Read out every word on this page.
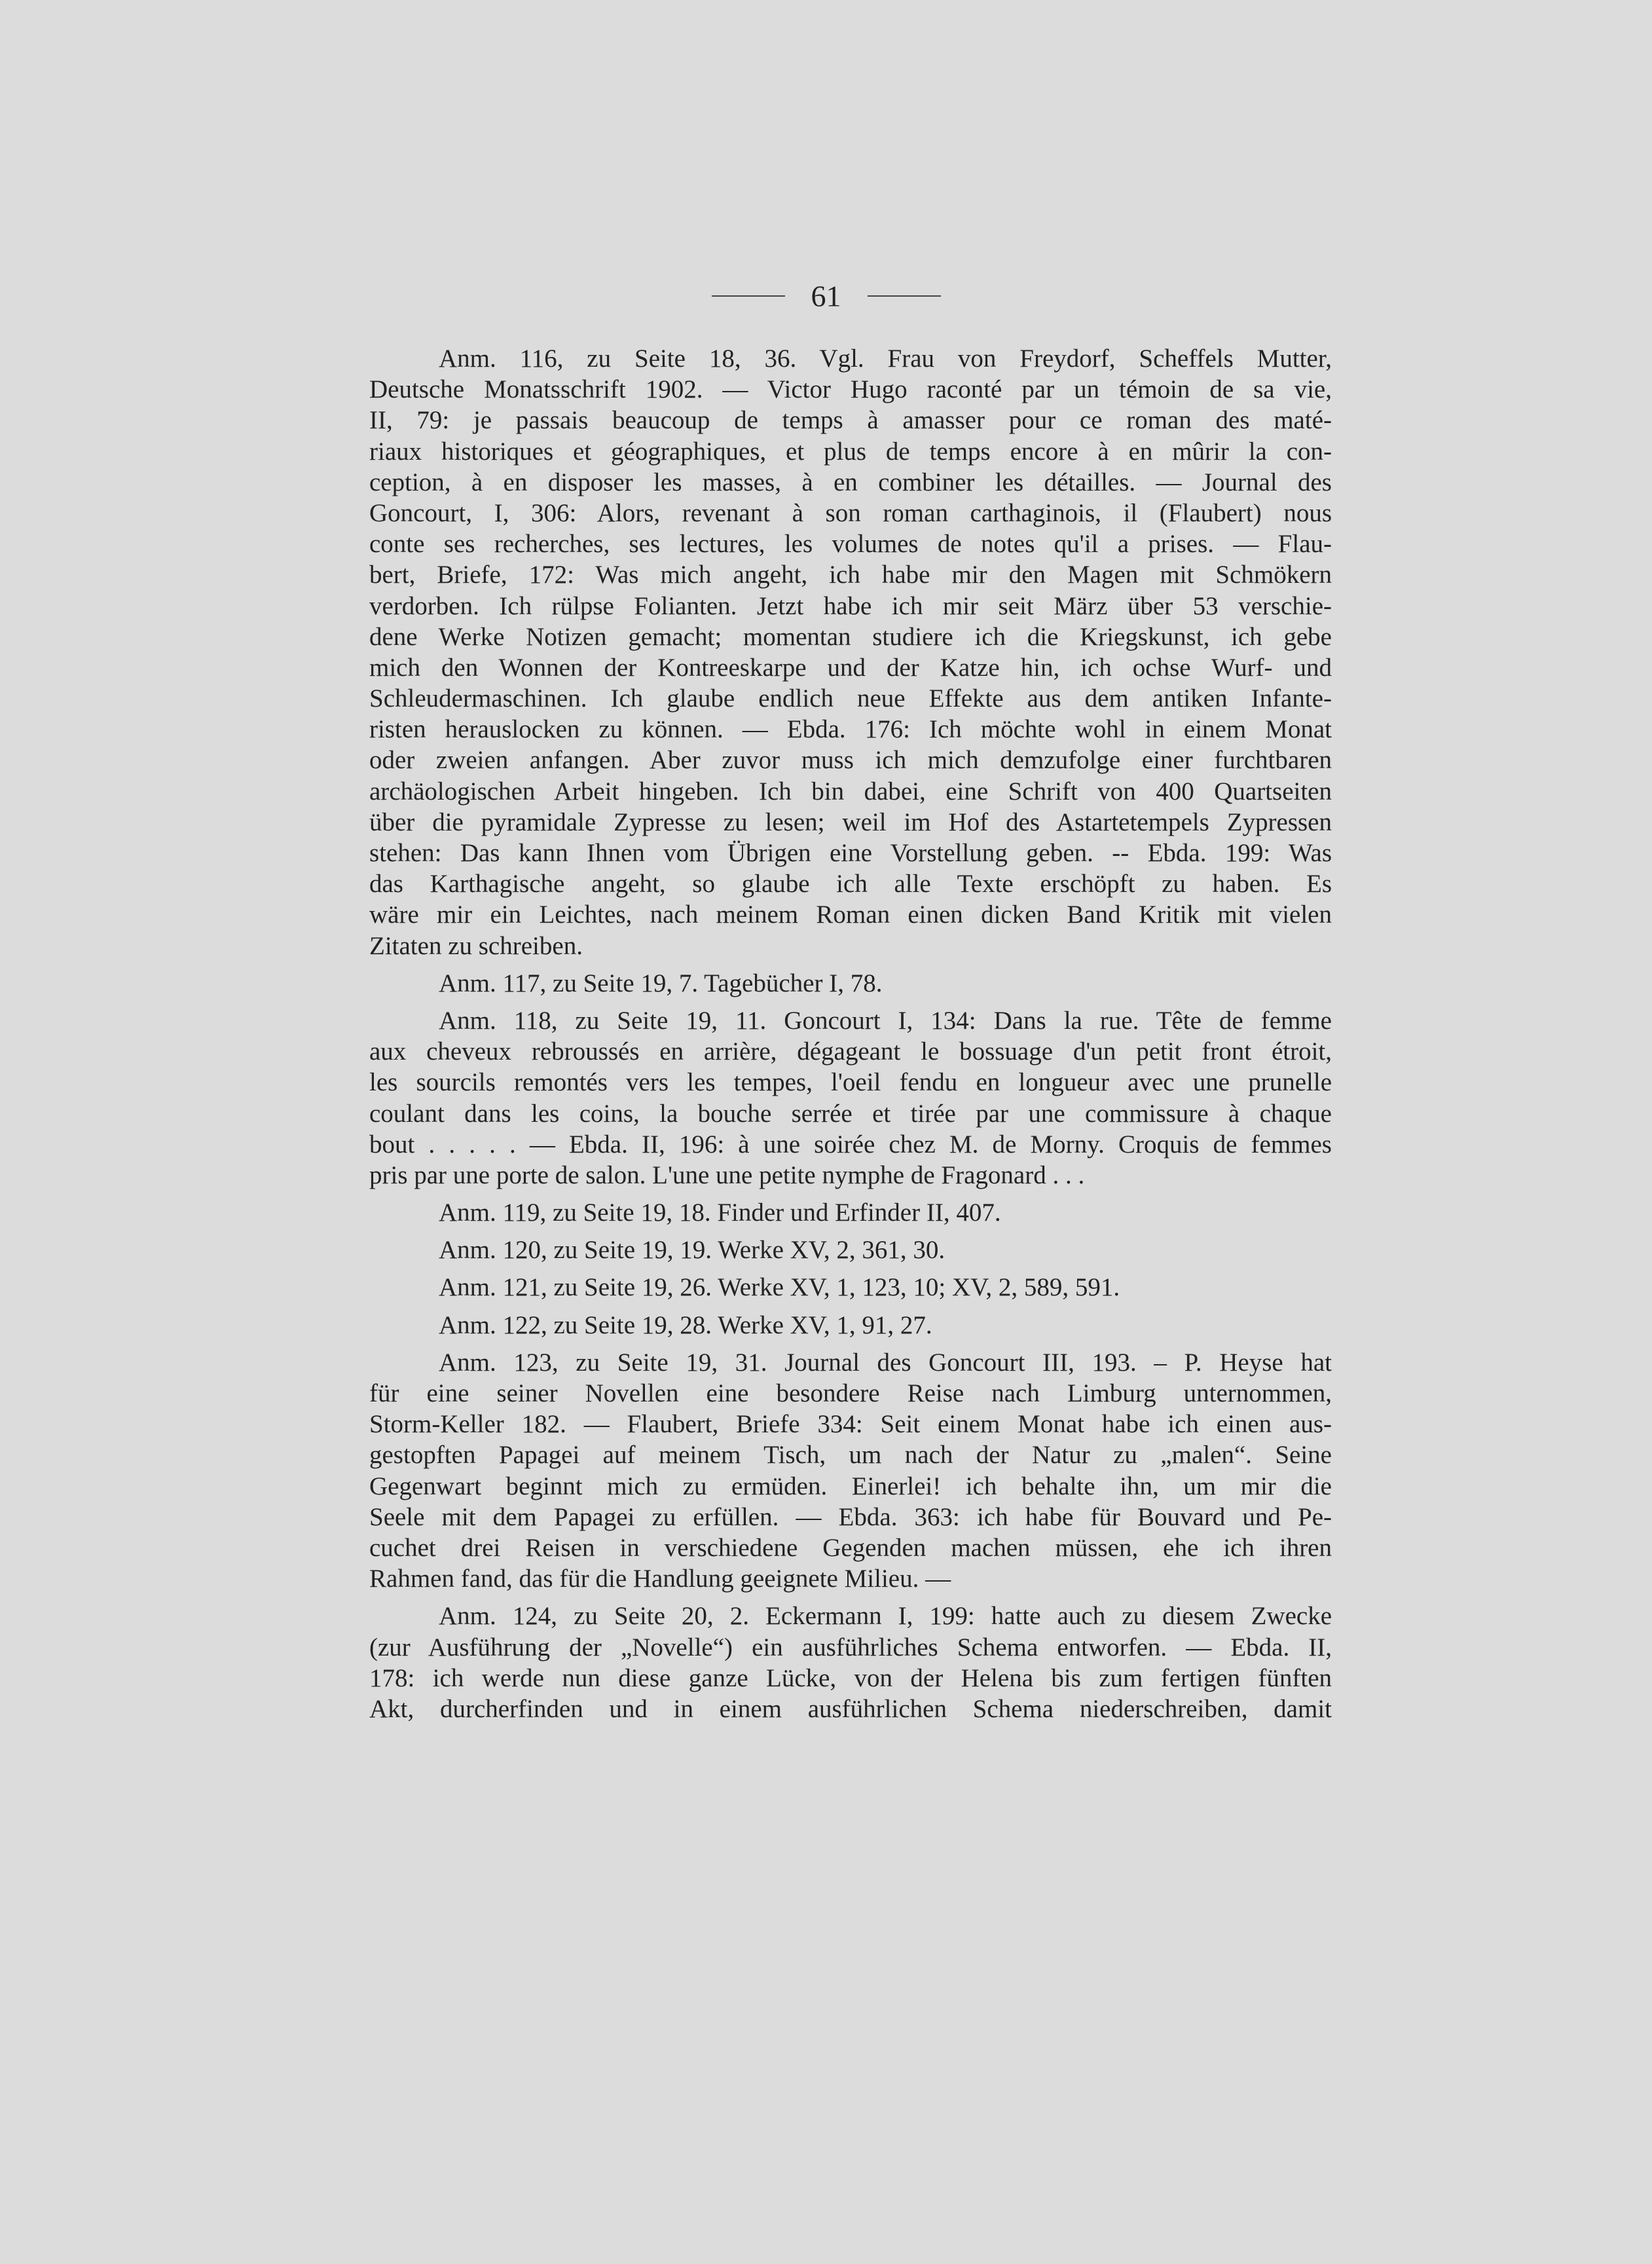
61
Anm. 116, zu Seite 18, 36. Vgl. Frau von Freydorf, Scheffels Mutter,
Deutsche Monatsschrift 1902. — Victor Hugo raconté par un témoin de sa vie,
II, 79: je passais beaucoup de temps à amasser pour ce roman des maté-
riaux historiques et géographiques, et plus de temps encore à en mûrir la con-
ception, à en disposer les masses, à en combiner les détailles. — Journal des
Goncourt, I, 306: Alors, revenant à son roman carthaginois, il (Flaubert) nous
conte ses recherches, ses lectures, les volumes de notes qu'il a prises. — Flau-
bert, Briefe, 172: Was mich angeht, ich habe mir den Magen mit Schmökern
verdorben. Ich rülpse Folianten. Jetzt habe ich mir seit März über 53 verschie-
dene Werke Notizen gemacht; momentan studiere ich die Kriegskunst, ich gebe
mich den Wonnen der Kontreeskarpe und der Katze hin, ich ochse Wurf- und
Schleudermaschinen. Ich glaube endlich neue Effekte aus dem antiken Infante-
risten herauslocken zu können. — Ebda. 176: Ich möchte wohl in einem Monat
oder zweien anfangen. Aber zuvor muss ich mich demzufolge einer furchtbaren
archäologischen Arbeit hingeben. Ich bin dabei, eine Schrift von 400 Quartseiten
über die pyramidale Zypresse zu lesen; weil im Hof des Astartetempels Zypressen
stehen: Das kann Ihnen vom Übrigen eine Vorstellung geben. -- Ebda. 199: Was
das Karthagische angeht, so glaube ich alle Texte erschöpft zu haben. Es
wäre mir ein Leichtes, nach meinem Roman einen dicken Band Kritik mit vielen
Zitaten zu schreiben.
Anm. 117, zu Seite 19, 7. Tagebücher I, 78.
Anm. 118, zu Seite 19, 11. Goncourt I, 134: Dans la rue. Tête de femme
aux cheveux rebroussés en arrière, dégageant le bossuage d'un petit front étroit,
les sourcils remontés vers les tempes, l'oeil fendu en longueur avec une prunelle
coulant dans les coins, la bouche serrée et tirée par une commissure à chaque
bout . . . . . — Ebda. II, 196: à une soirée chez M. de Morny. Croquis de femmes
pris par une porte de salon. L'une une petite nymphe de Fragonard . . .
Anm. 119, zu Seite 19, 18. Finder und Erfinder II, 407.
Anm. 120, zu Seite 19, 19. Werke XV, 2, 361, 30.
Anm. 121, zu Seite 19, 26. Werke XV, 1, 123, 10; XV, 2, 589, 591.
Anm. 122, zu Seite 19, 28. Werke XV, 1, 91, 27.
Anm. 123, zu Seite 19, 31. Journal des Goncourt III, 193. – P. Heyse hat
für eine seiner Novellen eine besondere Reise nach Limburg unternommen,
Storm-Keller 182. — Flaubert, Briefe 334: Seit einem Monat habe ich einen aus-
gestopften Papagei auf meinem Tisch, um nach der Natur zu „malen“. Seine
Gegenwart beginnt mich zu ermüden. Einerlei! ich behalte ihn, um mir die
Seele mit dem Papagei zu erfüllen. — Ebda. 363: ich habe für Bouvard und Pe-
cuchet drei Reisen in verschiedene Gegenden machen müssen, ehe ich ihren
Rahmen fand, das für die Handlung geeignete Milieu. —
Anm. 124, zu Seite 20, 2. Eckermann I, 199: hatte auch zu diesem Zwecke
(zur Ausführung der „Novelle“) ein ausführliches Schema entworfen. — Ebda. II,
178: ich werde nun diese ganze Lücke, von der Helena bis zum fertigen fünften
Akt, durcherfinden und in einem ausführlichen Schema niederschreiben, damit
